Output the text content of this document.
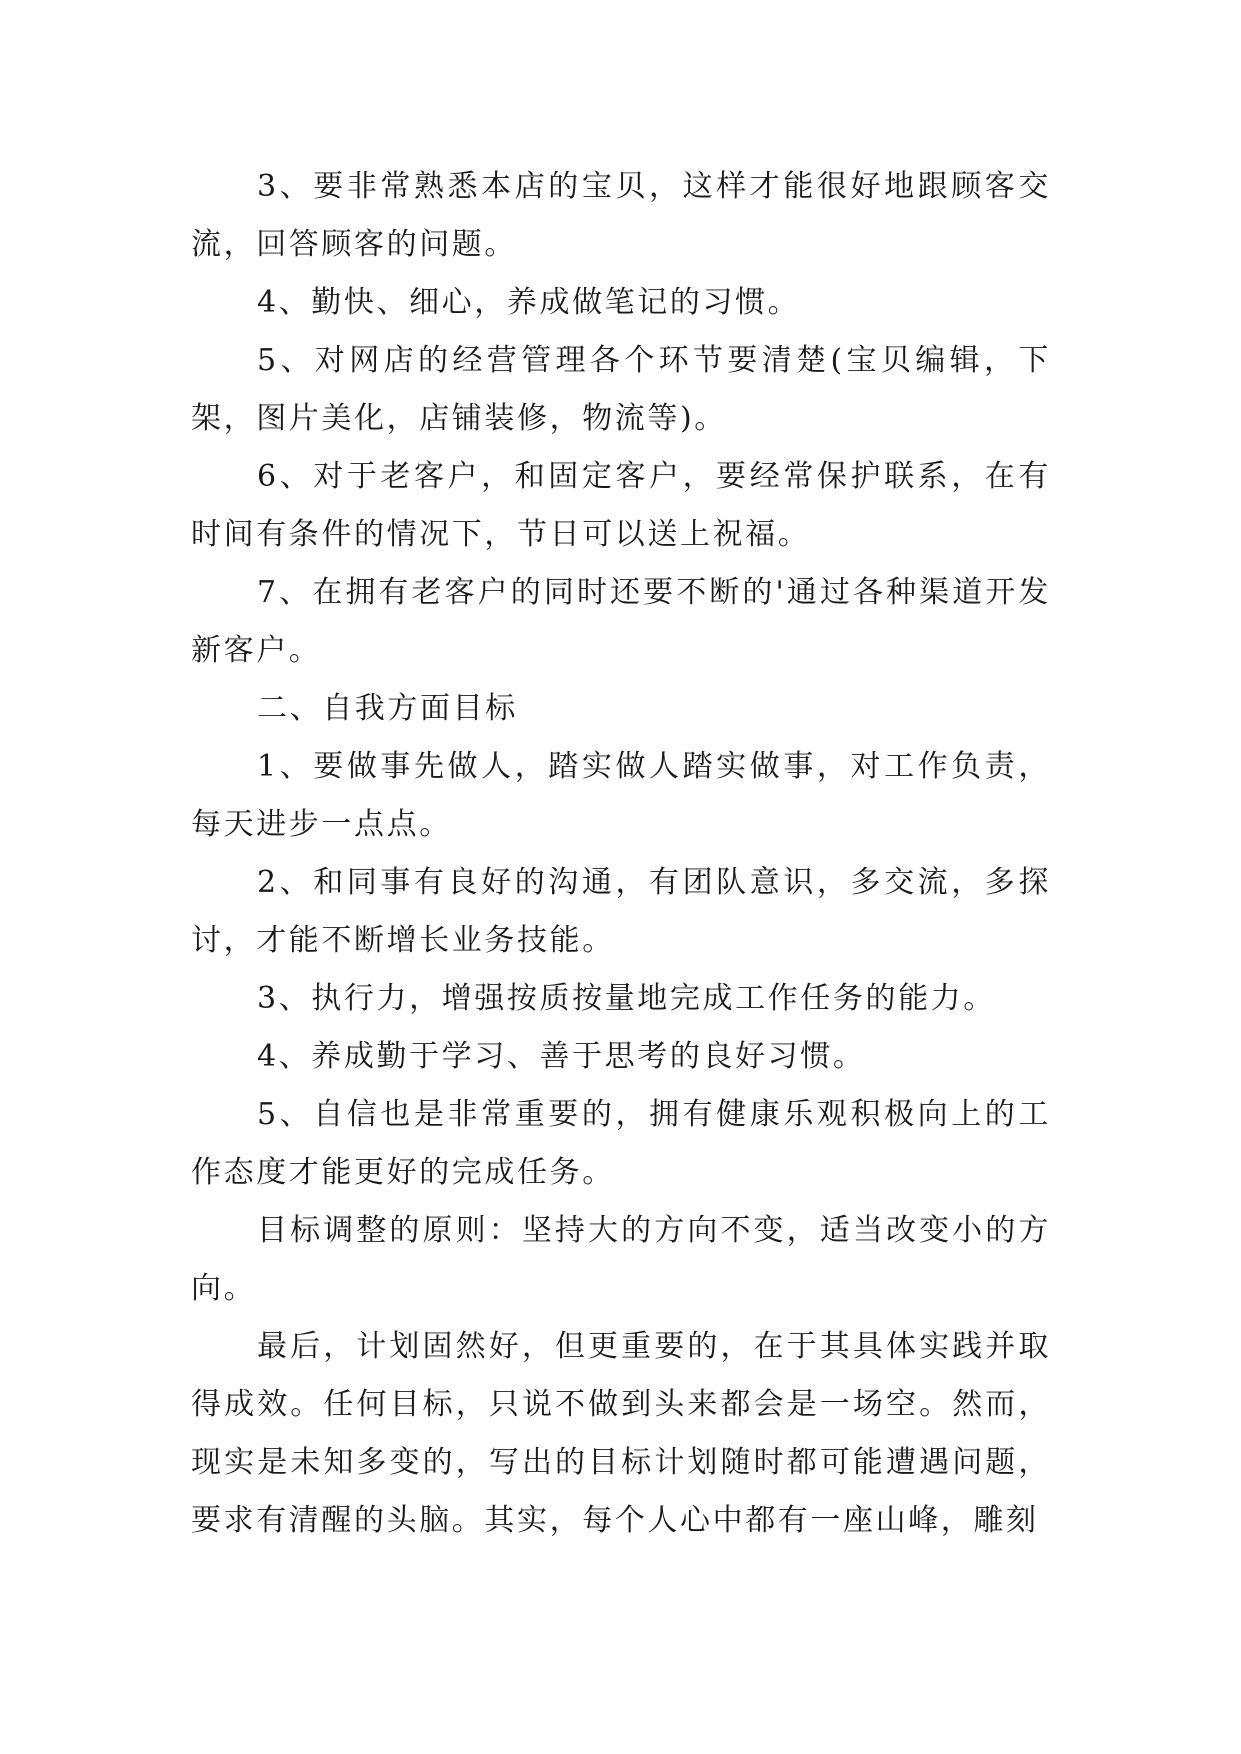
3、要非常熟悉本店的宝贝，这样才能很好地跟顾客交流，回答顾客的问题。

4、勤快、细心，养成做笔记的习惯。

5、对网店的经营管理各个环节要清楚(宝贝编辑，下架，图片美化，店铺装修，物流等)。

6、对于老客户，和固定客户，要经常保护联系，在有时间有条件的情况下，节日可以送上祝福。

7、在拥有老客户的同时还要不断的'通过各种渠道开发新客户。

二、自我方面目标

1、要做事先做人，踏实做人踏实做事，对工作负责，每天进步一点点。

2、和同事有良好的沟通，有团队意识，多交流，多探讨，才能不断增长业务技能。

3、执行力，增强按质按量地完成工作任务的能力。

4、养成勤于学习、善于思考的良好习惯。

5、自信也是非常重要的，拥有健康乐观积极向上的工作态度才能更好的完成任务。

目标调整的原则：坚持大的方向不变，适当改变小的方向。

最后，计划固然好，但更重要的，在于其具体实践并取得成效。任何目标，只说不做到头来都会是一场空。然而，现实是未知多变的，写出的目标计划随时都可能遭遇问题，要求有清醒的头脑。其实，每个人心中都有一座山峰，雕刻
